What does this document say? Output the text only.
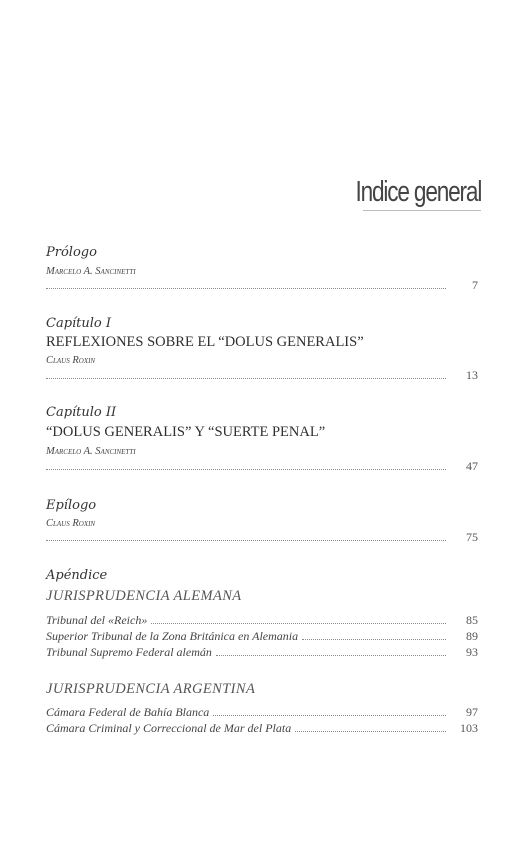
Indice general
Prólogo
Marcelo A. Sancinetti
7
Capítulo I
REFLEXIONES SOBRE EL “DOLUS GENERALIS”
Claus Roxin
13
Capítulo II
“DOLUS GENERALIS” Y “SUERTE PENAL”
Marcelo A. Sancinetti
47
Epílogo
Claus Roxin
75
Apéndice
JURISPRUDENCIA ALEMANA
Tribunal del «Reich»	85
Superior Tribunal de la Zona Británica en Alemania	89
Tribunal Supremo Federal alemán	93
JURISPRUDENCIA ARGENTINA
Cámara Federal de Bahía Blanca	97
Cámara Criminal y Correccional de Mar del Plata	103
